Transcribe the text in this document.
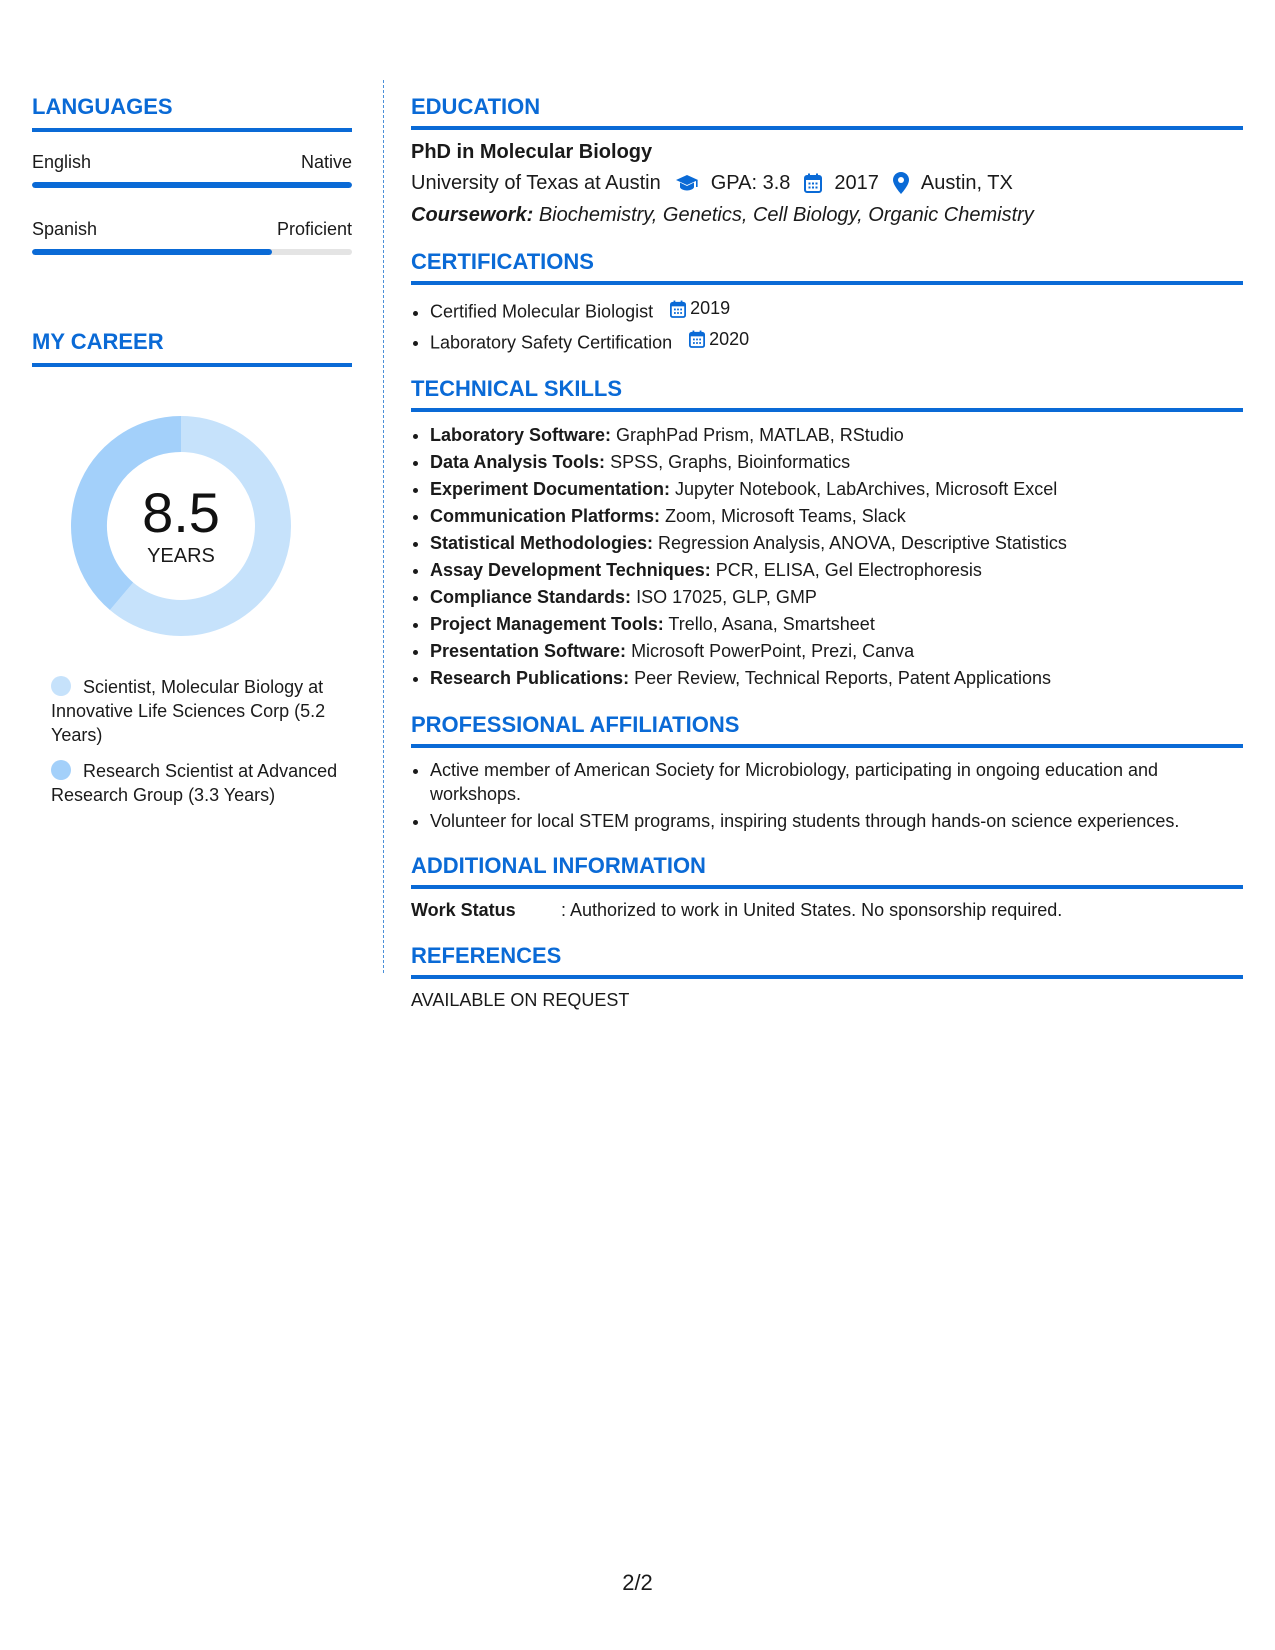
LANGUAGES
English	Native
Spanish	Proficient
MY CAREER
8.5
YEARS
Scientist, Molecular Biology at Innovative Life Sciences Corp (5.2 Years)
Research Scientist at Advanced Research Group (3.3 Years)
EDUCATION
PhD in Molecular Biology
University of Texas at Austin	GPA: 3.8 2017 Austin, TX
Coursework: Biochemistry, Genetics, Cell Biology, Organic Chemistry
CERTIFICATIONS
• Certified Molecular Biologist 2019
• Laboratory Safety Certification 2020
TECHNICAL SKILLS
• Laboratory Software: GraphPad Prism, MATLAB, RStudio
• Data Analysis Tools: SPSS, Graphs, Bioinformatics
• Experiment Documentation: Jupyter Notebook, LabArchives, Microsoft Excel
• Communication Platforms: Zoom, Microsoft Teams, Slack
• Statistical Methodologies: Regression Analysis, ANOVA, Descriptive Statistics
• Assay Development Techniques: PCR, ELISA, Gel Electrophoresis
• Compliance Standards: ISO 17025, GLP, GMP
• Project Management Tools: Trello, Asana, Smartsheet
• Presentation Software: Microsoft PowerPoint, Prezi, Canva
• Research Publications: Peer Review, Technical Reports, Patent Applications
PROFESSIONAL AFFILIATIONS
• Active member of American Society for Microbiology, participating in ongoing education and workshops.
• Volunteer for local STEM programs, inspiring students through hands-on science experiences.
ADDITIONAL INFORMATION
Work Status	: Authorized to work in United States. No sponsorship required.
REFERENCES
AVAILABLE ON REQUEST
2/2
